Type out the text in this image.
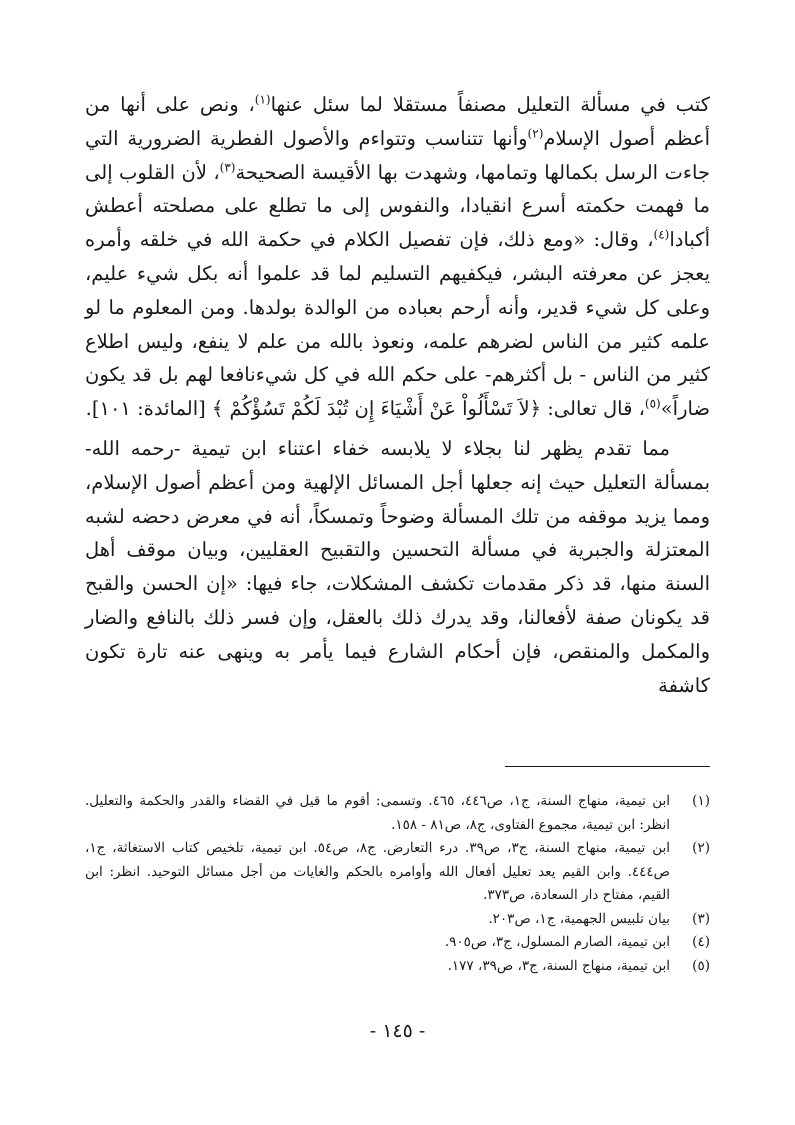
كتب في مسألة التعليل مصنفاً مستقلا لما سئل عنها$^{(١)}$، ونص على أنها من أعظم أصول الإسلام$^{(٢)}$وأنها تتناسب وتتواءم والأصول الفطرية الضرورية التي جاءت الرسل بكمالها وتمامها، وشهدت بها الأقيسة الصحيحة$^{(٣)}$، لأن القلوب إلى ما فهمت حكمته أسرع انقيادا، والنفوس إلى ما تطلع على مصلحته أعطش أكبادا$^{(٤)}$، وقال: «ومع ذلك، فإن تفصيل الكلام في حكمة الله في خلقه وأمره يعجز عن معرفته البشر، فيكفيهم التسليم لما قد علموا أنه بكل شيء عليم، وعلى كل شيء قدير، وأنه أرحم بعباده من الوالدة بولدها. ومن المعلوم ما لو علمه كثير من الناس لضرهم علمه، ونعوذ بالله من علم لا ينفع، وليس اطلاع كثير من الناس - بل أكثرهم- على حكم الله في كل شيءنافعا لهم بل قد يكون ضاراً»$^{(٥)}$، قال تعالى: ﴿لاَ تَسْأَلُواْ عَنْ أَشْيَاءَ إِن تُبْدَ لَكُمْ تَسُؤْكُمْ ﴾ [المائدة: ١٠١].

مما تقدم يظهر لنا بجلاء لا يلابسه خفاء اعتناء ابن تيمية -رحمه الله- بمسألة التعليل حيث إنه جعلها أجل المسائل الإلهية ومن أعظم أصول الإسلام، ومما يزيد موقفه من تلك المسألة وضوحاً وتمسكاً، أنه في معرض دحضه لشبه المعتزلة والجبرية في مسألة التحسين والتقبيح العقليين، وبيان موقف أهل السنة منها، قد ذكر مقدمات تكشف المشكلات، جاء فيها: «إن الحسن والقبح قد يكونان صفة لأفعالنا، وقد يدرك ذلك بالعقل، وإن فسر ذلك بالنافع والضار والمكمل والمنقص، فإن أحكام الشارع فيما يأمر به وينهى عنه تارة تكون كاشفة

(١)
ابن تيمية، منهاج السنة، ج١، ص٤٤٦، ٤٦٥. وتسمى: أقوم ما قيل في القضاء والقدر والحكمة والتعليل. انظر: ابن تيمية، مجموع الفتاوى، ج٨، ص٨١ - ١٥٨.
(٢)
ابن تيمية، منهاج السنة، ج٣، ص٣٩. درء التعارض. ج٨، ص٥٤. ابن تيمية، تلخيص كتاب الاستغاثة، ج١، ص٤٤٤. وابن القيم يعد تعليل أفعال الله وأوامره بالحكم والغايات من أجل مسائل التوحيد. انظر: ابن القيم، مفتاح دار السعادة، ص٣٧٣.
(٣)
بيان تلبيس الجهمية، ج١، ص٢٠٣.
(٤)
ابن تيمية، الصارم المسلول، ج٣، ص٩٠٥.
(٥)
ابن تيمية، منهاج السنة، ج٣، ص٣٩، ١٧٧.
- ١٤٥ -
